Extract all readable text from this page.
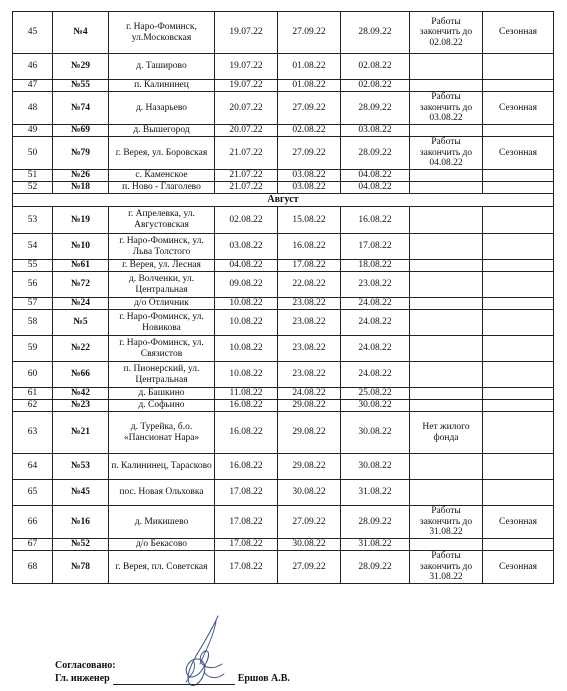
45	№4	г. Наро-Фоминск, ул.Московская	19.07.22	27.09.22	28.09.22	Работы закончить до 02.08.22	Сезонная
46	№29	д. Таширово	19.07.22	01.08.22	02.08.22		
47	№55	п. Калининец	19.07.22	01.08.22	02.08.22		
48	№74	д. Назарьево	20.07.22	27.09.22	28.09.22	Работы закончить до 03.08.22	Сезонная
49	№69	д. Вышегород	20.07.22	02.08.22	03.08.22		
50	№79	г. Верея, ул. Боровская	21.07.22	27.09.22	28.09.22	Работы закончить до 04.08.22	Сезонная
51	№26	с. Каменское	21.07.22	03.08.22	04.08.22		
52	№18	п. Ново - Глаголево	21.07.22	03.08.22	04.08.22		
Август							
53	№19	г. Апрелевка, ул. Августовская	02.08.22	15.08.22	16.08.22		
54	№10	г. Наро-Фоминск, ул. Льва Толстого	03.08.22	16.08.22	17.08.22		
55	№61	г. Верея, ул. Лесная	04.08.22	17.08.22	18.08.22		
56	№72	д. Волченки, ул. Центральная	09.08.22	22.08.22	23.08.22		
57	№24	д/о Отличник	10.08.22	23.08.22	24.08.22		
58	№5	г. Наро-Фоминск, ул. Новикова	10.08.22	23.08.22	24.08.22		
59	№22	г. Наро-Фоминск, ул. Связистов	10.08.22	23.08.22	24.08.22		
60	№66	п. Пионерский, ул. Центральная	10.08.22	23.08.22	24.08.22		
61	№42	д. Башкино	11.08.22	24.08.22	25.08.22		
62	№23	д. Софьино	16.08.22	29.08.22	30.08.22		
63	№21	д. Турейка, б.о. «Пансионат Нара»	16.08.22	29.08.22	30.08.22	Нет жилого фонда	
64	№53	п. Калининец, Тарасково	16.08.22	29.08.22	30.08.22		
65	№45	пос. Новая Ольховка	17.08.22	30.08.22	31.08.22		
66	№16	д. Микишево	17.08.22	27.09.22	28.09.22	Работы закончить до 31.08.22	Сезонная
67	№52	д/о Бекасово	17.08.22	30.08.22	31.08.22		
68	№78	г. Верея, пл. Советская	17.08.22	27.09.22	28.09.22	Работы закончить до 31.08.22	Сезонная
Согласовано:
Гл. инженер	Ершов А.В.
